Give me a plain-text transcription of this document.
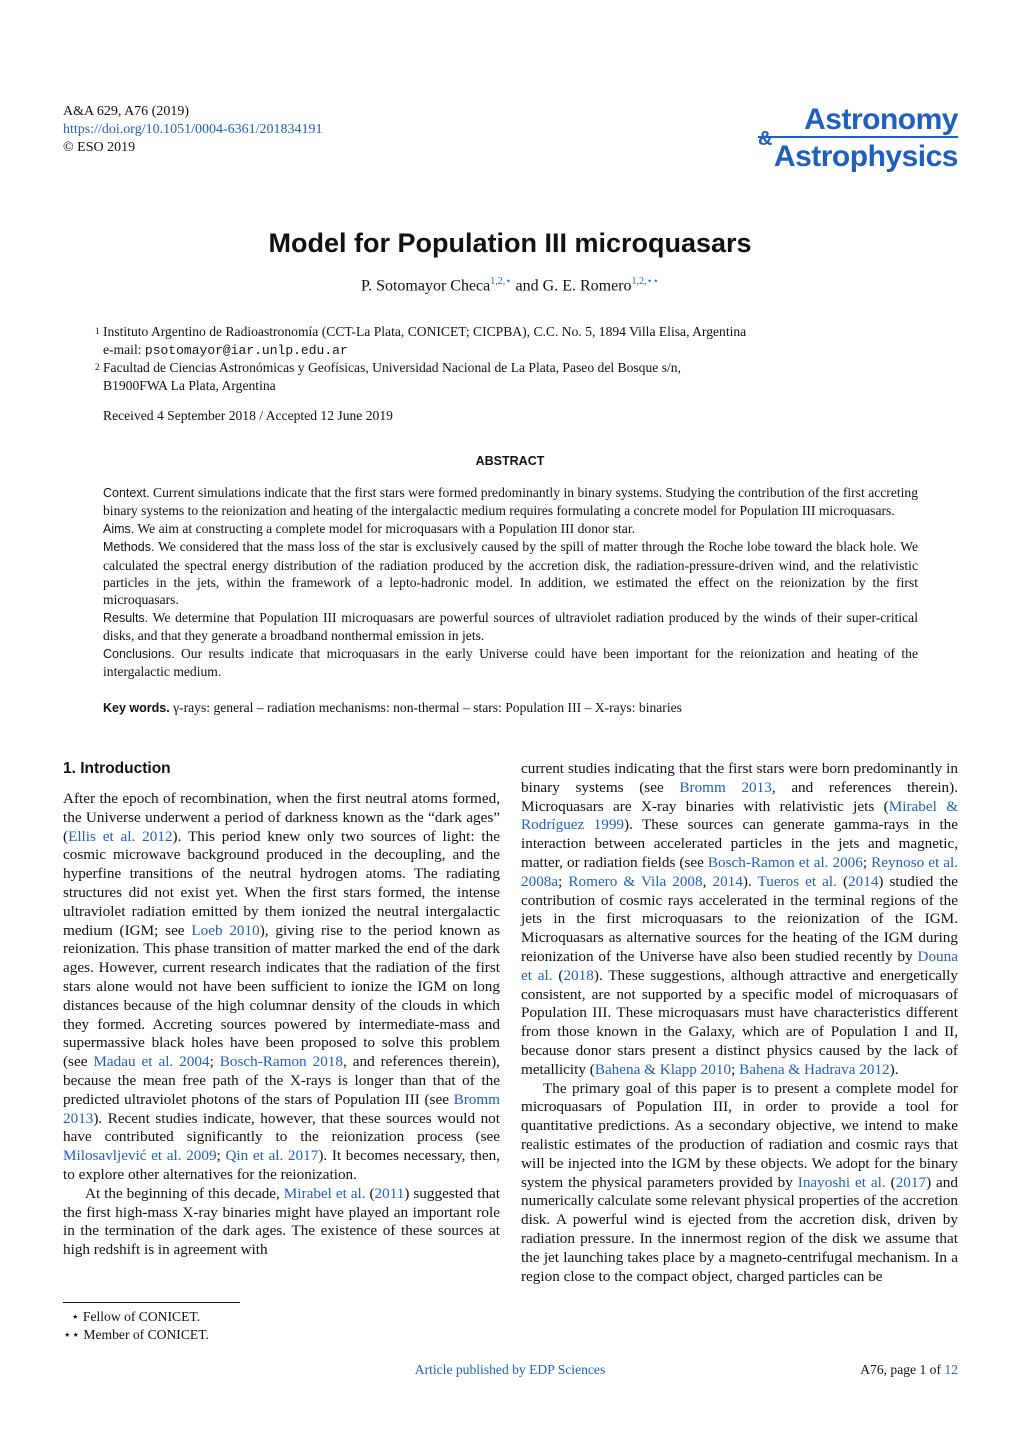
A&A 629, A76 (2019)
https://doi.org/10.1051/0004-6361/201834191
© ESO 2019
Astronomy
&
Astrophysics
Model for Population III microquasars
P. Sotomayor Checa$^{1,2,⋆}$ and G. E. Romero$^{1,2,⋆⋆}$
1 Instituto Argentino de Radioastronomía (CCT-La Plata, CONICET; CICPBA), C.C. No. 5, 1894 Villa Elisa, Argentina
e-mail: psotomayor@iar.unlp.edu.ar
2 Facultad de Ciencias Astronómicas y Geofísicas, Universidad Nacional de La Plata, Paseo del Bosque s/n,
B1900FWA La Plata, Argentina
Received 4 September 2018 / Accepted 12 June 2019
ABSTRACT

Context. Current simulations indicate that the first stars were formed predominantly in binary systems. Studying the contribution of the first accreting binary systems to the reionization and heating of the intergalactic medium requires formulating a concrete model for Population III microquasars.

Aims. We aim at constructing a complete model for microquasars with a Population III donor star.

Methods. We considered that the mass loss of the star is exclusively caused by the spill of matter through the Roche lobe toward the black hole. We calculated the spectral energy distribution of the radiation produced by the accretion disk, the radiation-pressure-driven wind, and the relativistic particles in the jets, within the framework of a lepto-hadronic model. In addition, we estimated the effect on the reionization by the first microquasars.

Results. We determine that Population III microquasars are powerful sources of ultraviolet radiation produced by the winds of their super-critical disks, and that they generate a broadband nonthermal emission in jets.

Conclusions. Our results indicate that microquasars in the early Universe could have been important for the reionization and heating of the intergalactic medium.

Key words. γ-rays: general – radiation mechanisms: non-thermal – stars: Population III – X-rays: binaries
1. Introduction

After the epoch of recombination, when the first neutral atoms formed, the Universe underwent a period of darkness known as the “dark ages” (Ellis et al. 2012). This period knew only two sources of light: the cosmic microwave background produced in the decoupling, and the hyperfine transitions of the neutral hydrogen atoms. The radiating structures did not exist yet. When the first stars formed, the intense ultraviolet radiation emitted by them ionized the neutral intergalactic medium (IGM; see Loeb 2010), giving rise to the period known as reionization. This phase transition of matter marked the end of the dark ages. However, current research indicates that the radiation of the first stars alone would not have been sufficient to ionize the IGM on long distances because of the high columnar density of the clouds in which they formed. Accreting sources powered by intermediate-mass and supermassive black holes have been proposed to solve this problem (see Madau et al. 2004; Bosch-Ramon 2018, and references therein), because the mean free path of the X-rays is longer than that of the predicted ultraviolet photons of the stars of Population III (see Bromm 2013). Recent studies indicate, however, that these sources would not have contributed significantly to the reionization process (see Milosavljević et al. 2009; Qin et al. 2017). It becomes necessary, then, to explore other alternatives for the reionization.

At the beginning of this decade, Mirabel et al. (2011) suggested that the first high-mass X-ray binaries might have played an important role in the termination of the dark ages. The existence of these sources at high redshift is in agreement with

⋆ Fellow of CONICET.
⋆⋆ Member of CONICET.

current studies indicating that the first stars were born predominantly in binary systems (see Bromm 2013, and references therein). Microquasars are X-ray binaries with relativistic jets (Mirabel & Rodríguez 1999). These sources can generate gamma-rays in the interaction between accelerated particles in the jets and magnetic, matter, or radiation fields (see Bosch-Ramon et al. 2006; Reynoso et al. 2008a; Romero & Vila 2008, 2014). Tueros et al. (2014) studied the contribution of cosmic rays accelerated in the terminal regions of the jets in the first microquasars to the reionization of the IGM. Microquasars as alternative sources for the heating of the IGM during reionization of the Universe have also been studied recently by Douna et al. (2018). These suggestions, although attractive and energetically consistent, are not supported by a specific model of microquasars of Population III. These microquasars must have characteristics different from those known in the Galaxy, which are of Population I and II, because donor stars present a distinct physics caused by the lack of metallicity (Bahena & Klapp 2010; Bahena & Hadrava 2012).

The primary goal of this paper is to present a complete model for microquasars of Population III, in order to provide a tool for quantitative predictions. As a secondary objective, we intend to make realistic estimates of the production of radiation and cosmic rays that will be injected into the IGM by these objects. We adopt for the binary system the physical parameters provided by Inayoshi et al. (2017) and numerically calculate some relevant physical properties of the accretion disk. A powerful wind is ejected from the accretion disk, driven by radiation pressure. In the innermost region of the disk we assume that the jet launching takes place by a magneto-centrifugal mechanism. In a region close to the compact object, charged particles can be

Article published by EDP Sciences	A76, page 1 of 12
